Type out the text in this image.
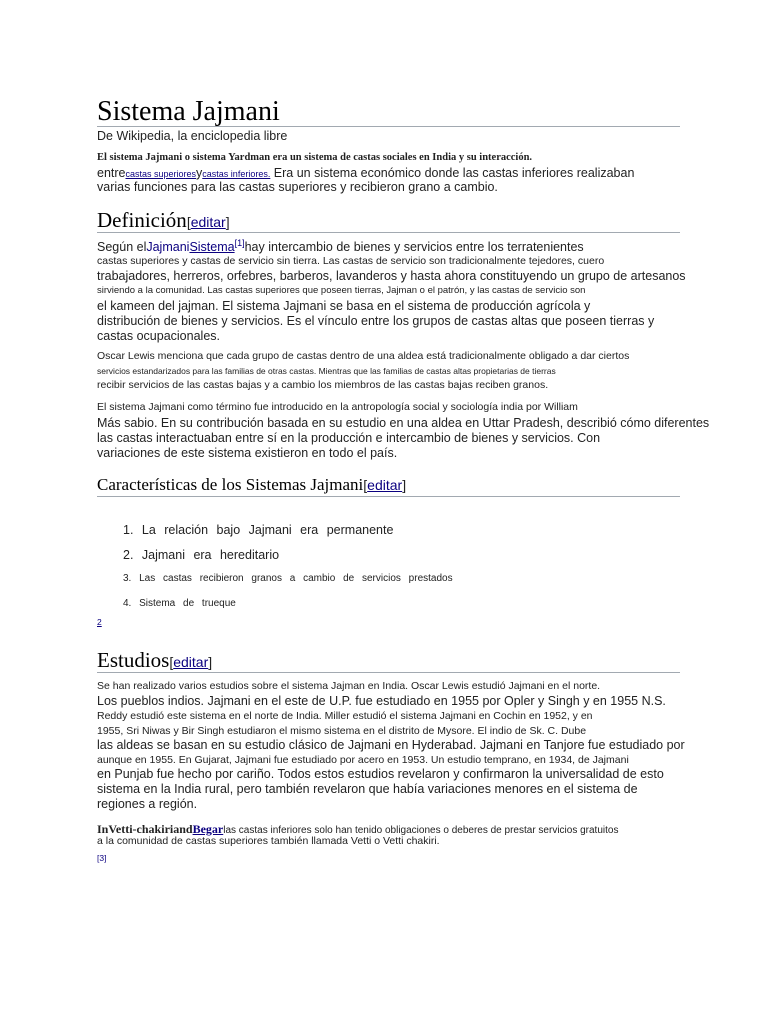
Sistema Jajmani
De Wikipedia, la enciclopedia libre
El sistema Jajmani o sistema Yardman era un sistema de castas sociales en India y su interacción.
entrecastas superioresycastas inferiores. Era un sistema económico donde las castas inferiores realizaban
varias funciones para las castas superiores y recibieron grano a cambio.
Definición[editar]
Según elJajmaniSistema[1]hay intercambio de bienes y servicios entre los terratenientes
castas superiores y castas de servicio sin tierra. Las castas de servicio son tradicionalmente tejedores, cuero
trabajadores, herreros, orfebres, barberos, lavanderos y hasta ahora constituyendo un grupo de artesanos
sirviendo a la comunidad. Las castas superiores que poseen tierras, Jajman o el patrón, y las castas de servicio son
el kameen del jajman. El sistema Jajmani se basa en el sistema de producción agrícola y
distribución de bienes y servicios. Es el vínculo entre los grupos de castas altas que poseen tierras y
castas ocupacionales.
Oscar Lewis menciona que cada grupo de castas dentro de una aldea está tradicionalmente obligado a dar ciertos
servicios estandarizados para las familias de otras castas. Mientras que las familias de castas altas propietarias de tierras
recibir servicios de las castas bajas y a cambio los miembros de las castas bajas reciben granos.
El sistema Jajmani como término fue introducido en la antropología social y sociología india por William
Más sabio. En su contribución basada en su estudio en una aldea en Uttar Pradesh, describió cómo diferentes
las castas interactuaban entre sí en la producción e intercambio de bienes y servicios. Con
variaciones de este sistema existieron en todo el país.
Características de los Sistemas Jajmani[editar]
1. La relación bajo Jajmani era permanente
2. Jajmani era hereditario
3. Las castas recibieron granos a cambio de servicios prestados
4. Sistema de trueque
2
Estudios[editar]
Se han realizado varios estudios sobre el sistema Jajman en India. Oscar Lewis estudió Jajmani en el norte.
Los pueblos indios. Jajmani en el este de U.P. fue estudiado en 1955 por Opler y Singh y en 1955 N.S.
Reddy estudió este sistema en el norte de India. Miller estudió el sistema Jajmani en Cochin en 1952, y en
1955, Sri Niwas y Bir Singh estudiaron el mismo sistema en el distrito de Mysore. El indio de Sk. C. Dube
las aldeas se basan en su estudio clásico de Jajmani en Hyderabad. Jajmani en Tanjore fue estudiado por
aunque en 1955. En Gujarat, Jajmani fue estudiado por acero en 1953. Un estudio temprano, en 1934, de Jajmani
en Punjab fue hecho por cariño. Todos estos estudios revelaron y confirmaron la universalidad de esto
sistema en la India rural, pero también revelaron que había variaciones menores en el sistema de
regiones a región.
InVetti-chakiriandBegarlas castas inferiores solo han tenido obligaciones o deberes de prestar servicios gratuitos
a la comunidad de castas superiores también llamada Vetti o Vetti chakiri.
[3]
